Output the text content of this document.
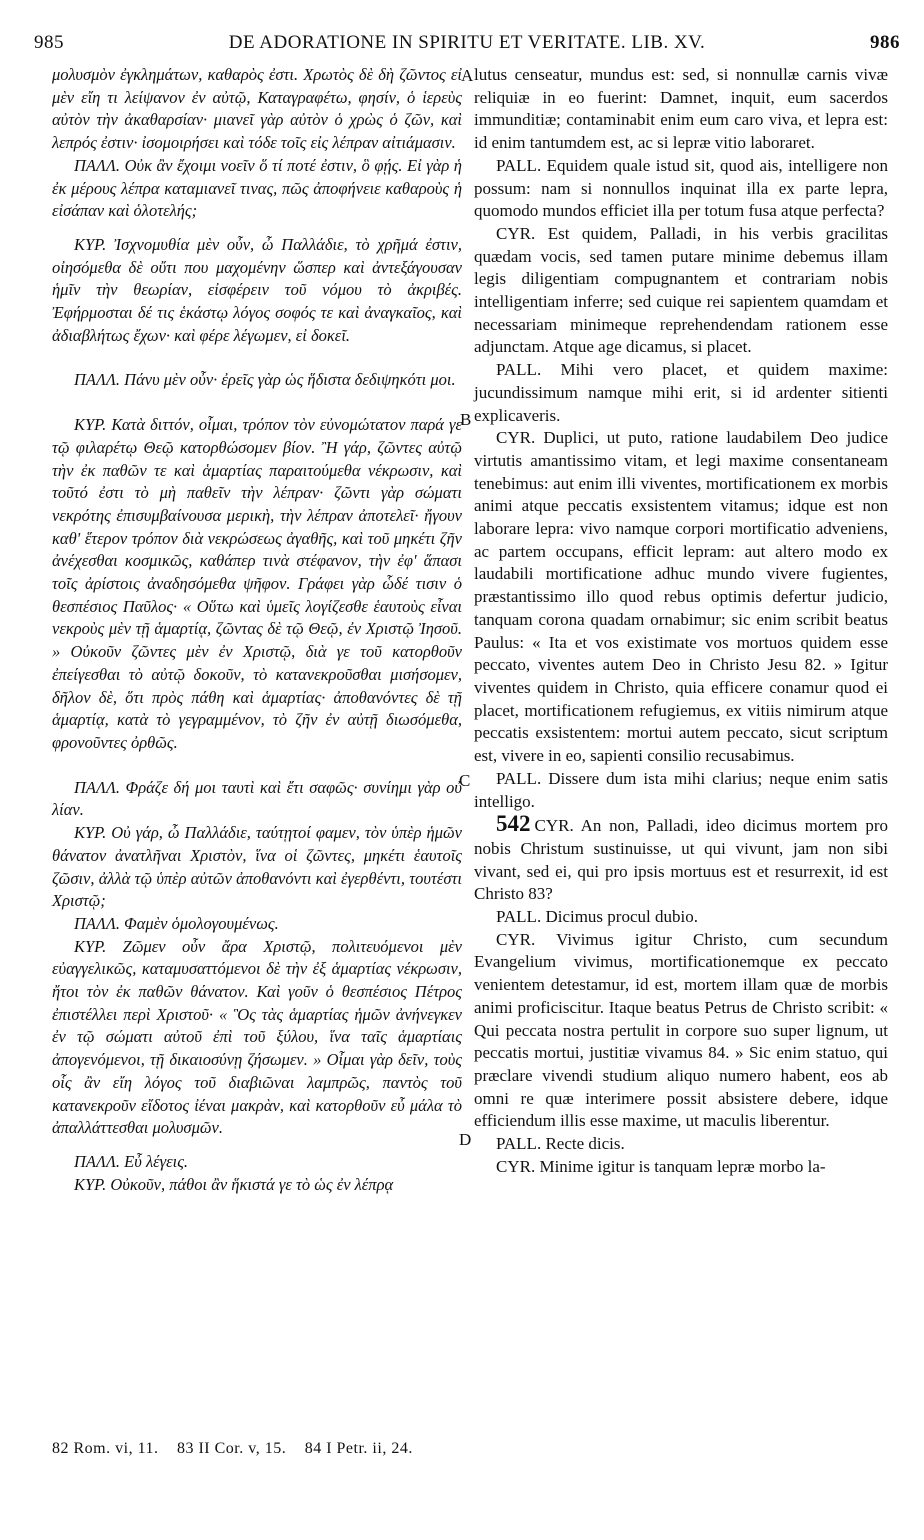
985	DE ADORATIONE IN SPIRITU ET VERITATE. LIB. XV.	986

μολυσμὸν ἐγκλημάτων, καθαρὸς ἐστι. Χρωτὸς δὲ δὴ ζῶντος εἰ μὲν εἴη τι λείψανον ἐν αὐτῷ, Καταγραφέτω, φησίν, ὁ ἱερεὺς αὐτὸν τὴν ἀκαθαρσίαν· μιανεῖ γὰρ αὐτὸν ὁ χρὼς ὁ ζῶν, καὶ λεπρός ἐστιν· ἰσομοιρήσει καὶ τόδε τοῖς εἰς λέπραν αἰτιάμασιν.

ΠΑΛΛ. Οὐκ ἂν ἔχοιμι νοεῖν ὅ τί ποτέ ἐστιν, ὃ φῄς. Εἰ γὰρ ἡ ἐκ μέρους λέπρα καταμιανεῖ τινας, πῶς ἀποφήνειε καθαροὺς ἡ εἰσάπαν καὶ ὁλοτελής;

ΚΥΡ. Ἰσχνομυθία μὲν οὖν, ὦ Παλλάδιε, τὸ χρῆμά ἐστιν, οἰησόμεθα δὲ οὔτι που μαχομένην ὥσπερ καὶ ἀντεξάγουσαν ἡμῖν τὴν θεωρίαν, εἰσφέρειν τοῦ νόμου τὸ ἀκριβές. Ἐφήρμοσται δέ τις ἑκάστῳ λόγος σοφός τε καὶ ἀναγκαῖος, καὶ ἀδιαβλήτως ἔχων· καὶ φέρε λέγωμεν, εἰ δοκεῖ.

ΠΑΛΛ. Πάνυ μὲν οὖν· ἐρεῖς γὰρ ὡς ἥδιστα δεδιψηκότι μοι.

ΚΥΡ. Κατὰ διττόν, οἶμαι, τρόπον τὸν εὐνομώτατον παρά γε τῷ φιλαρέτῳ Θεῷ κατορθώσομεν βίον. Ἢ γάρ, ζῶντες αὐτῷ τὴν ἐκ παθῶν τε καὶ ἁμαρτίας παραιτούμεθα νέκρωσιν, καὶ τοῦτό ἐστι τὸ μὴ παθεῖν τὴν λέπραν· ζῶντι γὰρ σώματι νεκρότης ἐπισυμβαίνουσα μερικὴ, τὴν λέπραν ἀποτελεῖ· ἤγουν καθ' ἕτερον τρόπον διὰ νεκρώσεως ἀγαθῆς, καὶ τοῦ μηκέτι ζῆν ἀνέχεσθαι κοσμικῶς, καθάπερ τινὰ στέφανον, τὴν ἐφ' ἅπασι τοῖς ἀρίστοις ἀναδησόμεθα ψῆφον. Γράφει γὰρ ὧδέ τισιν ὁ θεσπέσιος Παῦλος· « Οὕτω καὶ ὑμεῖς λογίζεσθε ἑαυτοὺς εἶναι νεκροὺς μὲν τῇ ἁμαρτίᾳ, ζῶντας δὲ τῷ Θεῷ, ἐν Χριστῷ Ἰησοῦ. » Οὐκοῦν ζῶντες μὲν ἐν Χριστῷ, διὰ γε τοῦ κατορθοῦν ἐπείγεσθαι τὸ αὐτῷ δοκοῦν, τὸ κατανεκροῦσθαι μισήσομεν, δῆλον δὲ, ὅτι πρὸς πάθη καὶ ἁμαρτίας· ἀποθανόντες δὲ τῇ ἁμαρτίᾳ, κατὰ τὸ γεγραμμένον, τὸ ζῆν ἐν αὐτῇ διωσόμεθα, φρονοῦντες ὀρθῶς.

ΠΑΛΛ. Φράζε δή μοι ταυτὶ καὶ ἔτι σαφῶς· συνίημι γὰρ οὐ λίαν.

ΚΥΡ. Οὐ γάρ, ὦ Παλλάδιε, ταύτῃτοί φαμεν, τὸν ὑπὲρ ἡμῶν θάνατον ἀνατλῆναι Χριστὸν, ἵνα οἱ ζῶντες, μηκέτι ἑαυτοῖς ζῶσιν, ἀλλὰ τῷ ὑπὲρ αὐτῶν ἀποθανόντι καὶ ἐγερθέντι, τουτέστι Χριστῷ;

ΠΑΛΛ. Φαμὲν ὁμολογουμένως.

ΚΥΡ. Ζῶμεν οὖν ἄρα Χριστῷ, πολιτευόμενοι μὲν εὐαγγελικῶς, καταμυσαττόμενοι δὲ τὴν ἐξ ἁμαρτίας νέκρωσιν, ἤτοι τὸν ἐκ παθῶν θάνατον. Καὶ γοῦν ὁ θεσπέσιος Πέτρος ἐπιστέλλει περὶ Χριστοῦ· « Ὃς τὰς ἁμαρτίας ἡμῶν ἀνήνεγκεν ἐν τῷ σώματι αὐτοῦ ἐπὶ τοῦ ξύλου, ἵνα ταῖς ἁμαρτίαις ἀπογενόμενοι, τῇ δικαιοσύνῃ ζήσωμεν. » Οἶμαι γὰρ δεῖν, τοὺς οἷς ἂν εἴη λόγος τοῦ διαβιῶναι λαμπρῶς, παντὸς τοῦ κατανεκροῦν εἴδοτος ἰέναι μακρὰν, καὶ κατορθοῦν εὖ μάλα τὸ ἀπαλλάττεσθαι μολυσμῶν.

ΠΑΛΛ. Εὖ λέγεις.

ΚΥΡ. Οὐκοῦν, πάθοι ἂν ἥκιστά γε τὸ ὡς ἐν λέπρᾳ

A
B
C
D

lutus censeatur, mundus est: sed, si nonnullæ carnis vivæ reliquiæ in eo fuerint: Damnet, inquit, eum sacerdos immunditiæ; contaminabit enim eum caro viva, et lepra est: id enim tantumdem est, ac si lepræ vitio laboraret.

PALL. Equidem quale istud sit, quod ais, intelligere non possum: nam si nonnullos inquinat illa ex parte lepra, quomodo mundos efficiet illa per totum fusa atque perfecta?

CYR. Est quidem, Palladi, in his verbis gracilitas quædam vocis, sed tamen putare minime debemus illam legis diligentiam compugnantem et contrariam nobis intelligentiam inferre; sed cuique rei sapientem quamdam et necessariam minimeque reprehendendam rationem esse adjunctam. Atque age dicamus, si placet.

PALL. Mihi vero placet, et quidem maxime: jucundissimum namque mihi erit, si id ardenter sitienti explicaveris.

CYR. Duplici, ut puto, ratione laudabilem Deo judice virtutis amantissimo vitam, et legi maxime consentaneam tenebimus: aut enim illi viventes, mortificationem ex morbis animi atque peccatis exsistentem vitamus; idque est non laborare lepra: vivo namque corpori mortificatio adveniens, ac partem occupans, efficit lepram: aut altero modo ex laudabili mortificatione adhuc mundo vivere fugientes, præstantissimo illo quod rebus optimis defertur judicio, tanquam corona quadam ornabimur; sic enim scribit beatus Paulus: « Ita et vos existimate vos mortuos quidem esse peccato, viventes autem Deo in Christo Jesu 82. » Igitur viventes quidem in Christo, quia efficere conamur quod ei placet, mortificationem refugiemus, ex vitiis nimirum atque peccatis exsistentem: mortui autem peccato, sicut scriptum est, vivere in eo, sapienti consilio recusabimus.

PALL. Dissere dum ista mihi clarius; neque enim satis intelligo.

542 CYR. An non, Palladi, ideo dicimus mortem pro nobis Christum sustinuisse, ut qui vivunt, jam non sibi vivant, sed ei, qui pro ipsis mortuus est et resurrexit, id est Christo 83?

PALL. Dicimus procul dubio.

CYR. Vivimus igitur Christo, cum secundum Evangelium vivimus, mortificationemque ex peccato venientem detestamur, id est, mortem illam quæ de morbis animi proficiscitur. Itaque beatus Petrus de Christo scribit: « Qui peccata nostra pertulit in corpore suo super lignum, ut peccatis mortui, justitiæ vivamus 84. » Sic enim statuo, qui præclare vivendi studium aliquo numero habent, eos ab omni re quæ interimere possit absistere debere, idque efficiendum illis esse maxime, ut maculis liberentur.

PALL. Recte dicis.

CYR. Minime igitur is tanquam lepræ morbo la-

82 Rom. vi, 11. 83 II Cor. v, 15. 84 I Petr. ii, 24.
